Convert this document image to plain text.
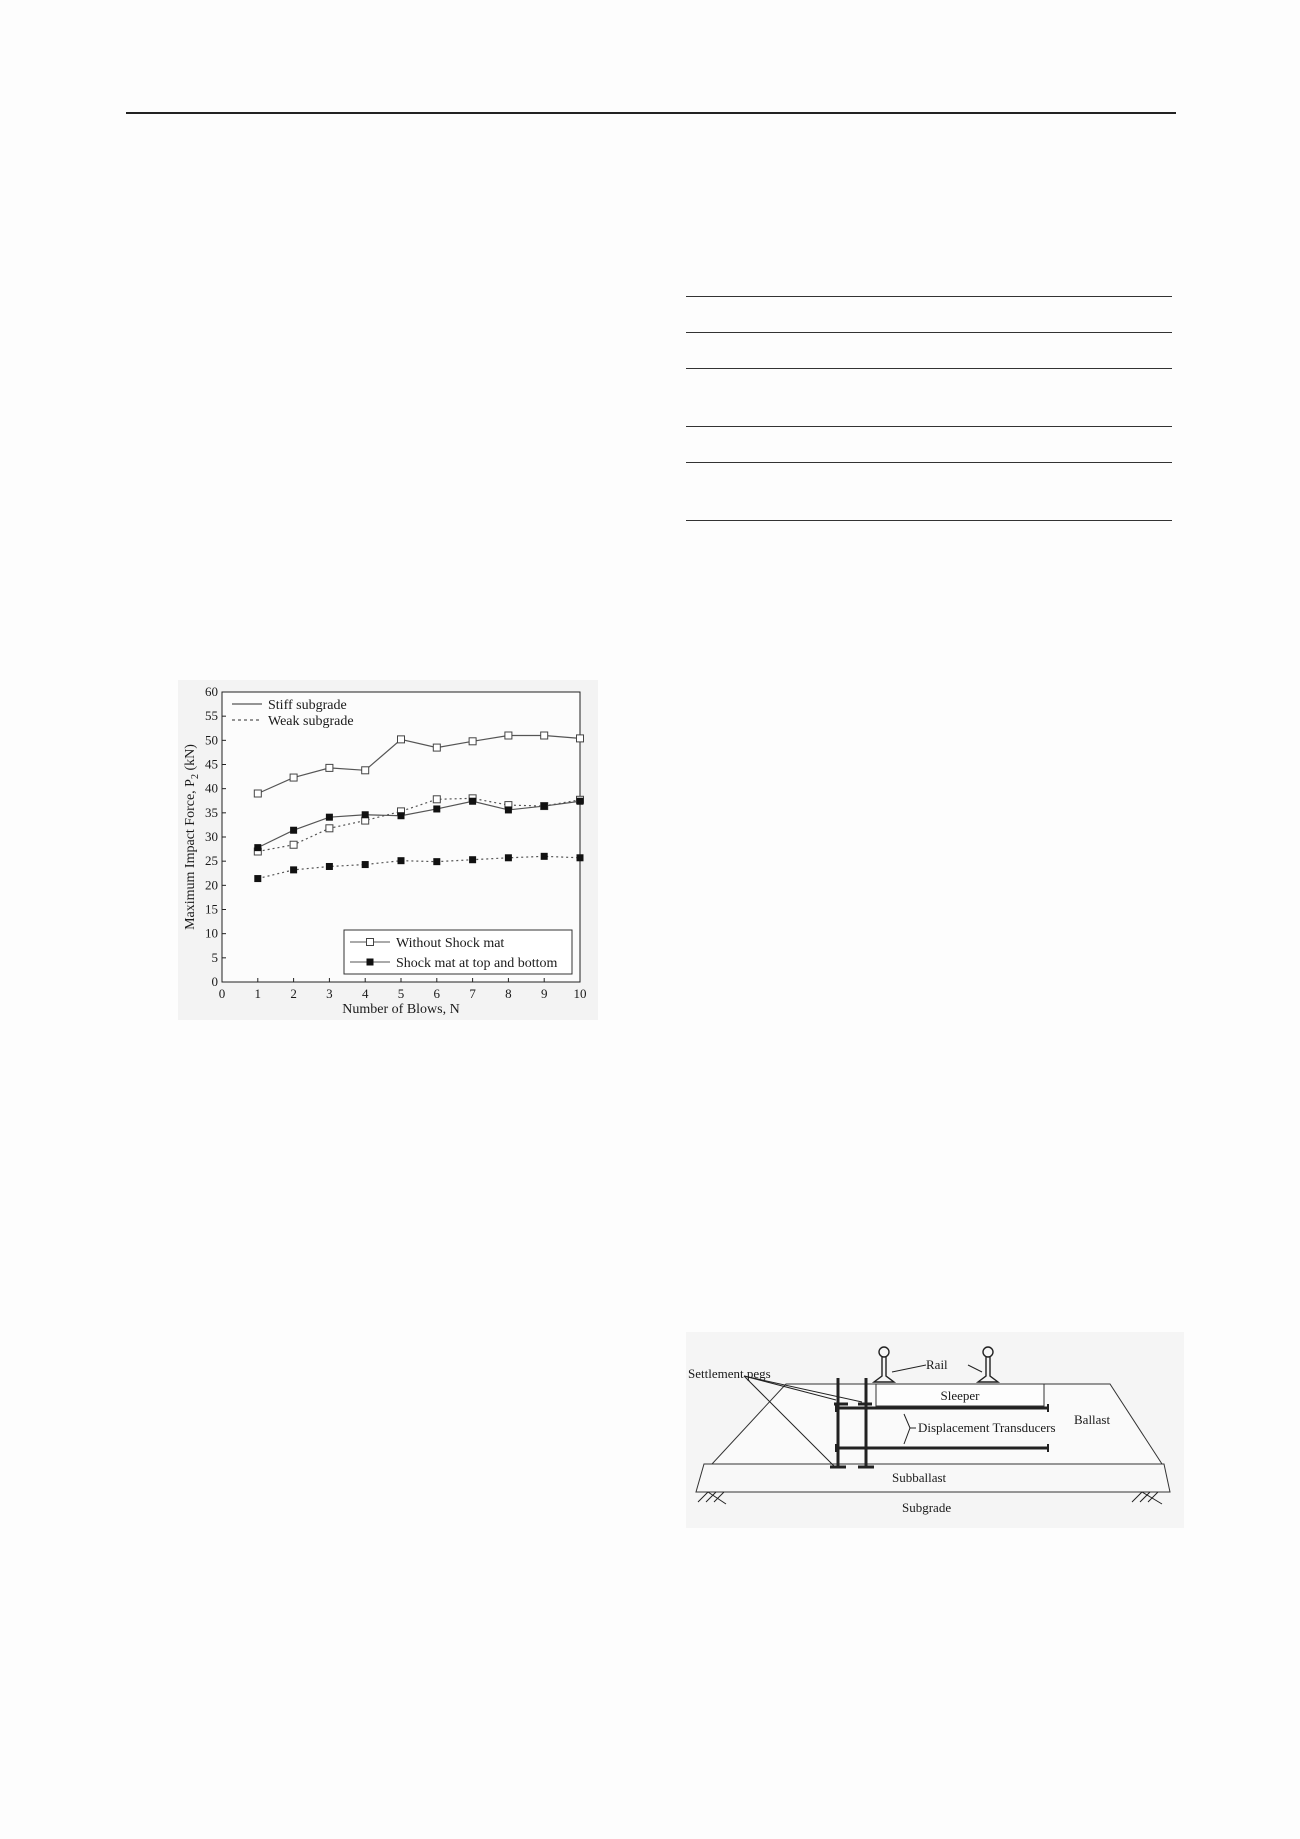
0
5
10
15
20
25
30
35
40
45
50
55
60
0 1 2 3 4 5 6 7 8 9 10
Stiff subgrade
Weak subgrade
Without Shock mat
Shock mat at top and bottom
Number of Blows, N
Maximum Impact Force, $P_2$ (kN)
Rail
Sleeper
Ballast
Settlement pegs
Displacement Transducers
Subballast
Subgrade
